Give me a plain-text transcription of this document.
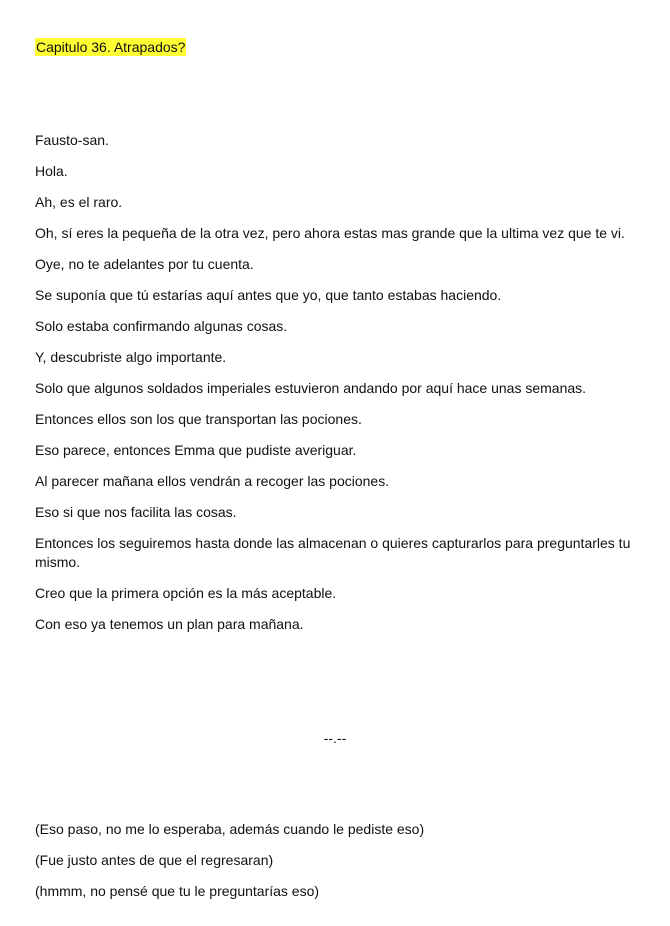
Capitulo 36. Atrapados?

Fausto-san.

Hola.

Ah, es el raro.

Oh, sí eres la pequeña de la otra vez, pero ahora estas mas grande que la ultima vez que te vi.

Oye, no te adelantes por tu cuenta.

Se suponía que tú estarías aquí antes que yo, que tanto estabas haciendo.

Solo estaba confirmando algunas cosas.

Y, descubriste algo importante.

Solo que algunos soldados imperiales estuvieron andando por aquí hace unas semanas.

Entonces ellos son los que transportan las pociones.

Eso parece, entonces Emma que pudiste averiguar.

Al parecer mañana ellos vendrán a recoger las pociones.

Eso si que nos facilita las cosas.

Entonces los seguiremos hasta donde las almacenan o quieres capturarlos para preguntarles tu mismo.

Creo que la primera opción es la más aceptable.

Con eso ya tenemos un plan para mañana.

--.--

(Eso paso, no me lo esperaba, además cuando le pediste eso)

(Fue justo antes de que el regresaran)

(hmmm, no pensé que tu le preguntarías eso)
